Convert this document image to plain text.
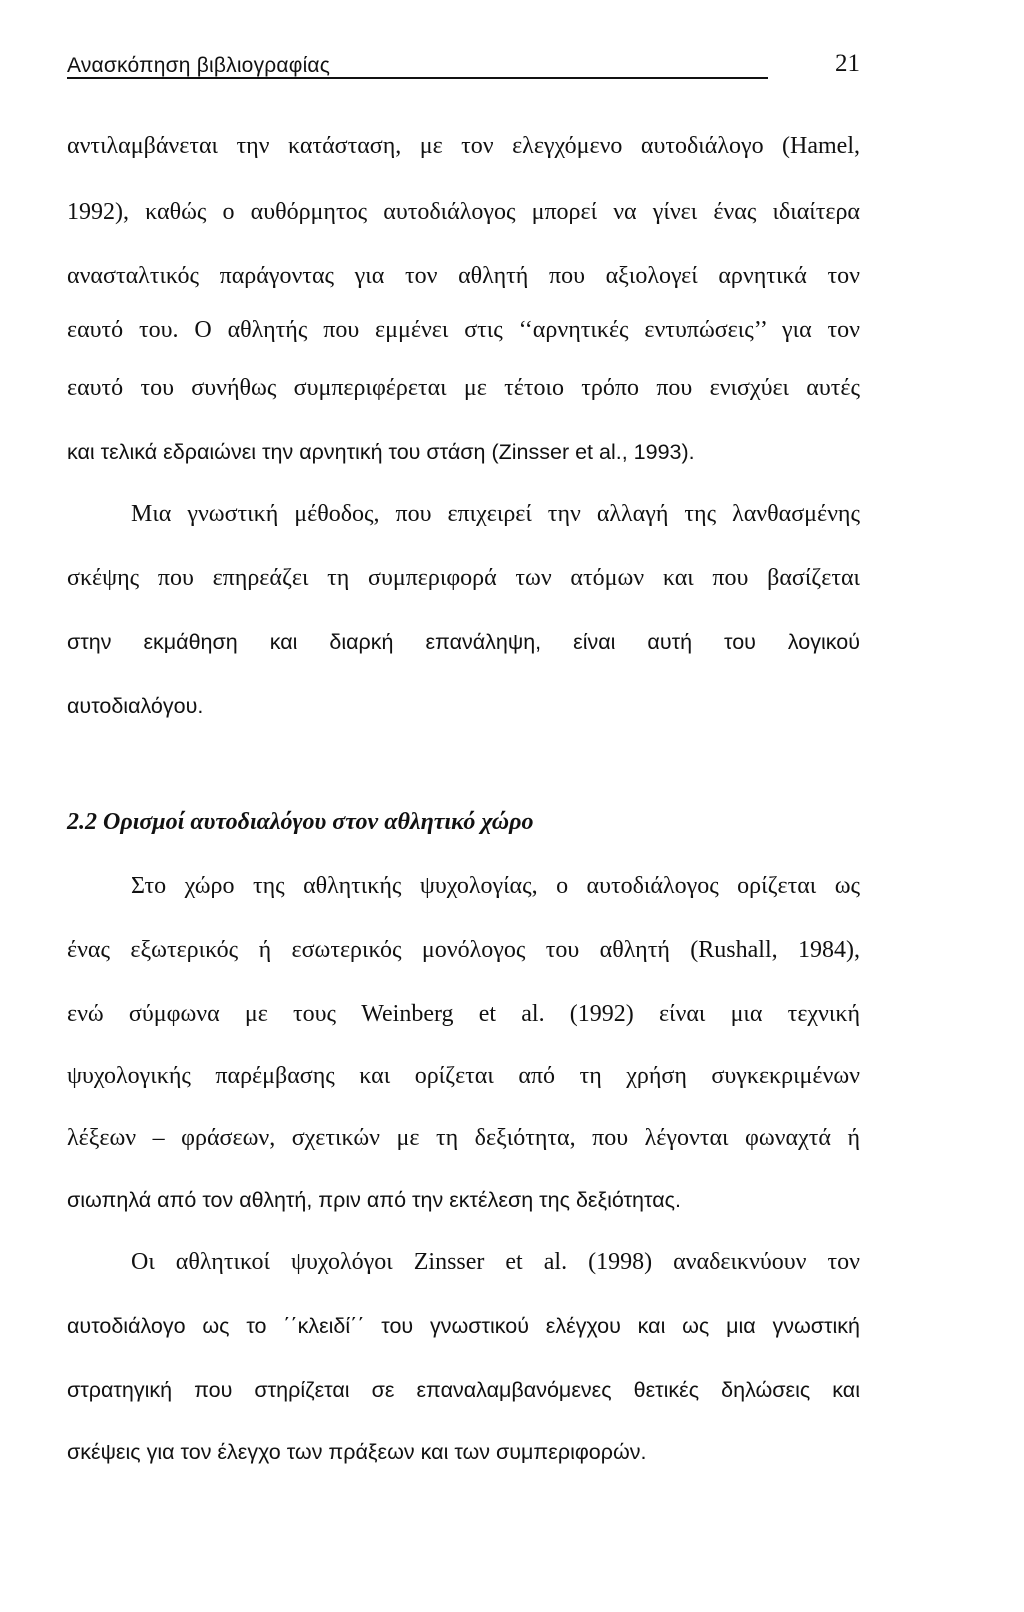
Ανασκόπηση βιβλιογραφίας	21
αντιλαμβάνεται την κατάσταση, με τον ελεγχόμενο αυτοδιάλογο (Hamel,
1992), καθώς ο αυθόρμητος αυτοδιάλογος μπορεί να γίνει ένας ιδιαίτερα
ανασταλτικός παράγοντας για τον αθλητή που αξιολογεί αρνητικά τον
εαυτό του. Ο αθλητής που εμμένει στις ‘‘αρνητικές εντυπώσεις’’ για τον
εαυτό του συνήθως συμπεριφέρεται με τέτοιο τρόπο που ενισχύει αυτές
και τελικά εδραιώνει την αρνητική του στάση (Zinsser et al., 1993).
Μια γνωστική μέθοδος, που επιχειρεί την αλλαγή της λανθασμένης
σκέψης που επηρεάζει τη συμπεριφορά των ατόμων και που βασίζεται
στην εκμάθηση και διαρκή επανάληψη, είναι αυτή του λογικού
αυτοδιαλόγου.
2.2 Ορισμοί αυτοδιαλόγου στον αθλητικό χώρο
Στο χώρο της αθλητικής ψυχολογίας, ο αυτοδιάλογος ορίζεται ως
ένας εξωτερικός ή εσωτερικός μονόλογος του αθλητή (Rushall, 1984),
ενώ σύμφωνα με τους Weinberg et al. (1992) είναι μια τεχνική
ψυχολογικής παρέμβασης και ορίζεται από τη χρήση συγκεκριμένων
λέξεων – φράσεων, σχετικών με τη δεξιότητα, που λέγονται φωναχτά ή
σιωπηλά από τον αθλητή, πριν από την εκτέλεση της δεξιότητας.
Οι αθλητικοί ψυχολόγοι Zinsser et al. (1998) αναδεικνύουν τον
αυτοδιάλογο ως το ΄΄κλειδί΄΄ του γνωστικού ελέγχου και ως μια γνωστική
στρατηγική που στηρίζεται σε επαναλαμβανόμενες θετικές δηλώσεις και
σκέψεις για τον έλεγχο των πράξεων και των συμπεριφορών.
